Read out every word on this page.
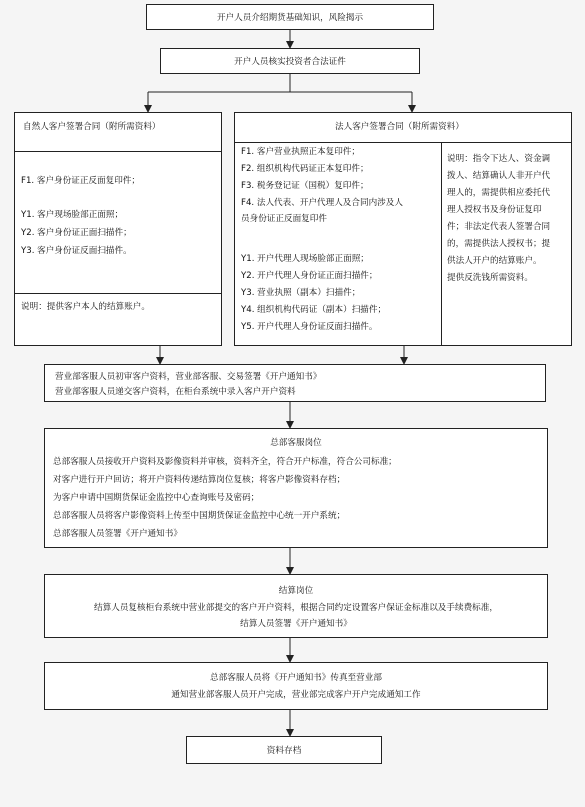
开户人员介绍期货基础知识，风险揭示
开户人员核实投资者合法证件
自然人客户签署合同（附所需资料）
F1. 客户身份证正反面复印件；
Y1. 客户现场脸部正面照；
Y2. 客户身份证正面扫描件；
Y3. 客户身份证反面扫描件。
说明：提供客户本人的结算账户。
法人客户签署合同（附所需资料）
F1. 客户营业执照正本复印件；
F2. 组织机构代码证正本复印件；
F3. 税务登记证（国税）复印件；
F4. 法人代表、开户代理人及合同内涉及人
员身份证正反面复印件
Y1. 开户代理人现场脸部正面照；
Y2. 开户代理人身份证正面扫描件；
Y3. 营业执照（副本）扫描件；
Y4. 组织机构代码证（副本）扫描件；
Y5. 开户代理人身份证反面扫描件。
说明：指令下达人、资金调
拨人、结算确认人非开户代
理人的，需提供相应委托代
理人授权书及身份证复印
件；非法定代表人签署合同
的，需提供法人授权书；提
供法人开户的结算账户。
提供反洗钱所需资料。
营业部客服人员初审客户资料，营业部客服、交易签署《开户通知书》
营业部客服人员递交客户资料，在柜台系统中录入客户开户资料
总部客服岗位
总部客服人员接收开户资料及影像资料并审核，资料齐全，符合开户标准，符合公司标准；
对客户进行开户回访；将开户资料传递结算岗位复核；将客户影像资料存档；
为客户申请中国期货保证金监控中心查询账号及密码；
总部客服人员将客户影像资料上传至中国期货保证金监控中心统一开户系统；
总部客服人员签署《开户通知书》
结算岗位
结算人员复核柜台系统中营业部提交的客户开户资料，根据合同约定设置客户保证金标准以及手续费标准，
结算人员签署《开户通知书》
总部客服人员将《开户通知书》传真至营业部
通知营业部客服人员开户完成，营业部完成客户开户完成通知工作
资料存档
